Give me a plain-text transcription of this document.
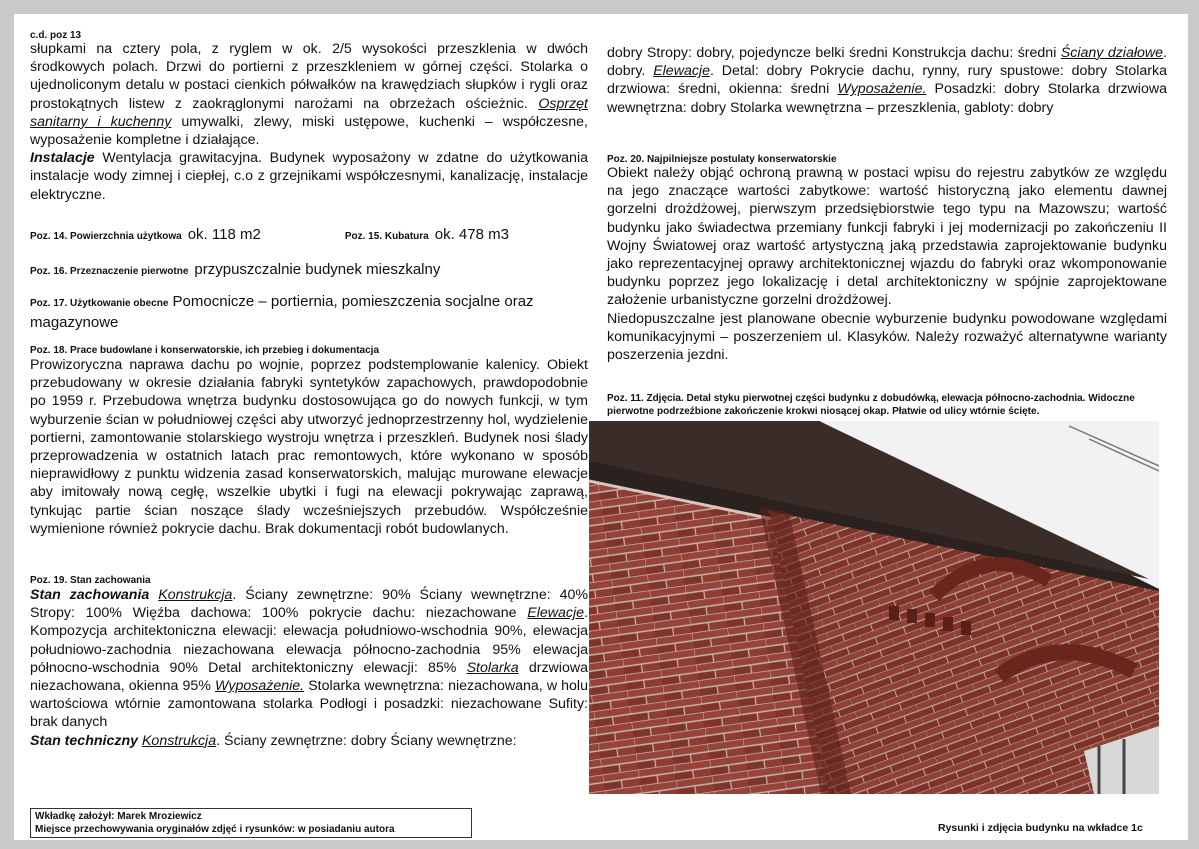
c.d. poz 13
słupkami na cztery pola, z ryglem w ok. 2/5 wysokości przeszklenia w dwóch środkowych polach. Drzwi do portierni z przeszkleniem w górnej części. Stolarka o ujednoliconym detalu w postaci cienkich półwałków na krawędziach słupków i rygli oraz prostokątnych listew z zaokrąglonymi narożami na obrzeżach ościeżnic. Osprzęt sanitarny i kuchenny umywalki, zlewy, miski ustępowe, kuchenki – współczesne, wyposażenie kompletne i działające.
Instalacje Wentylacja grawitacyjna. Budynek wyposażony w zdatne do użytkowania instalacje wody zimnej i ciepłej, c.o z grzejnikami współczesnymi, kanalizację, instalacje elektryczne.
Poz. 14. Powierzchnia użytkowa ok. 118 m2	Poz. 15. Kubatura ok. 478 m3
Poz. 16. Przeznaczenie pierwotne przypuszczalnie budynek mieszkalny
Poz. 17. Użytkowanie obecne Pomocnicze – portiernia, pomieszczenia socjalne oraz magazynowe
Poz. 18. Prace budowlane i konserwatorskie, ich przebieg i dokumentacja
Prowizoryczna naprawa dachu po wojnie, poprzez podstemplowanie kalenicy. Obiekt przebudowany w okresie działania fabryki syntetyków zapachowych, prawdopodobnie po 1959 r. Przebudowa wnętrza budynku dostosowująca go do nowych funkcji, w tym wyburzenie ścian w południowej części aby utworzyć jednoprzestrzenny hol, wydzielenie portierni, zamontowanie stolarskiego wystroju wnętrza i przeszkleń. Budynek nosi ślady przeprowadzenia w ostatnich latach prac remontowych, które wykonano w sposób nieprawidłowy z punktu widzenia zasad konserwatorskich, malując murowane elewacje aby imitowały nową cegłę, wszelkie ubytki i fugi na elewacji pokrywając zaprawą, tynkując partie ścian noszące ślady wcześniejszych przebudów. Współcześnie wymienione również pokrycie dachu. Brak dokumentacji robót budowlanych.
Poz. 19. Stan zachowania
Stan zachowania Konstrukcja. Ściany zewnętrzne: 90% Ściany wewnętrzne: 40% Stropy: 100% Więźba dachowa: 100% pokrycie dachu: niezachowane Elewacje. Kompozycja architektoniczna elewacji: elewacja południowo-wschodnia 90%, elewacja południowo-zachodnia niezachowana elewacja północno-zachodnia 95% elewacja północno-wschodnia 90% Detal architektoniczny elewacji: 85% Stolarka drzwiowa niezachowana, okienna 95% Wyposażenie. Stolarka wewnętrzna: niezachowana, w holu wartościowa wtórnie zamontowana stolarka Podłogi i posadzki: niezachowane Sufity: brak danych
Stan techniczny Konstrukcja. Ściany zewnętrzne: dobry Ściany wewnętrzne:
Wkładkę założył: Marek Mroziewicz
Miejsce przechowywania oryginałów zdjęć i rysunków: w posiadaniu autora
dobry Stropy: dobry, pojedyncze belki średni Konstrukcja dachu: średni Ściany działowe. dobry. Elewacje. Detal: dobry Pokrycie dachu, rynny, rury spustowe: dobry Stolarka drzwiowa: średni, okienna: średni Wyposażenie. Posadzki: dobry Stolarka drzwiowa wewnętrzna: dobry Stolarka wewnętrzna – przeszklenia, gabloty: dobry
Poz. 20. Najpilniejsze postulaty konserwatorskie

Obiekt należy objąć ochroną prawną w postaci wpisu do rejestru zabytków ze względu na jego znaczące wartości zabytkowe: wartość historyczną jako elementu dawnej gorzelni drożdżowej, pierwszym przedsiębiorstwie tego typu na Mazowszu; wartość budynku jako świadectwa przemiany funkcji fabryki i jej modernizacji po zakończeniu II Wojny Światowej oraz wartość artystyczną jaką przedstawia zaprojektowanie budynku jako reprezentacyjnej oprawy architektonicznej wjazdu do fabryki oraz wkomponowanie budynku poprzez jego lokalizację i detal architektoniczny w spójnie zaprojektowane założenie urbanistyczne gorzelni drożdżowej.

Niedopuszczalne jest planowane obecnie wyburzenie budynku powodowane względami komunikacyjnymi – poszerzeniem ul. Klasyków. Należy rozważyć alternatywne warianty poszerzenia jezdni.

Poz. 11. Zdjęcia. Detal styku pierwotnej części budynku z dobudówką, elewacja północno-zachodnia. Widoczne pierwotne podrzeźbione zakończenie krokwi niosącej okap. Płatwie od ulicy wtórnie ścięte.
Rysunki i zdjęcia budynku na wkładce 1c
